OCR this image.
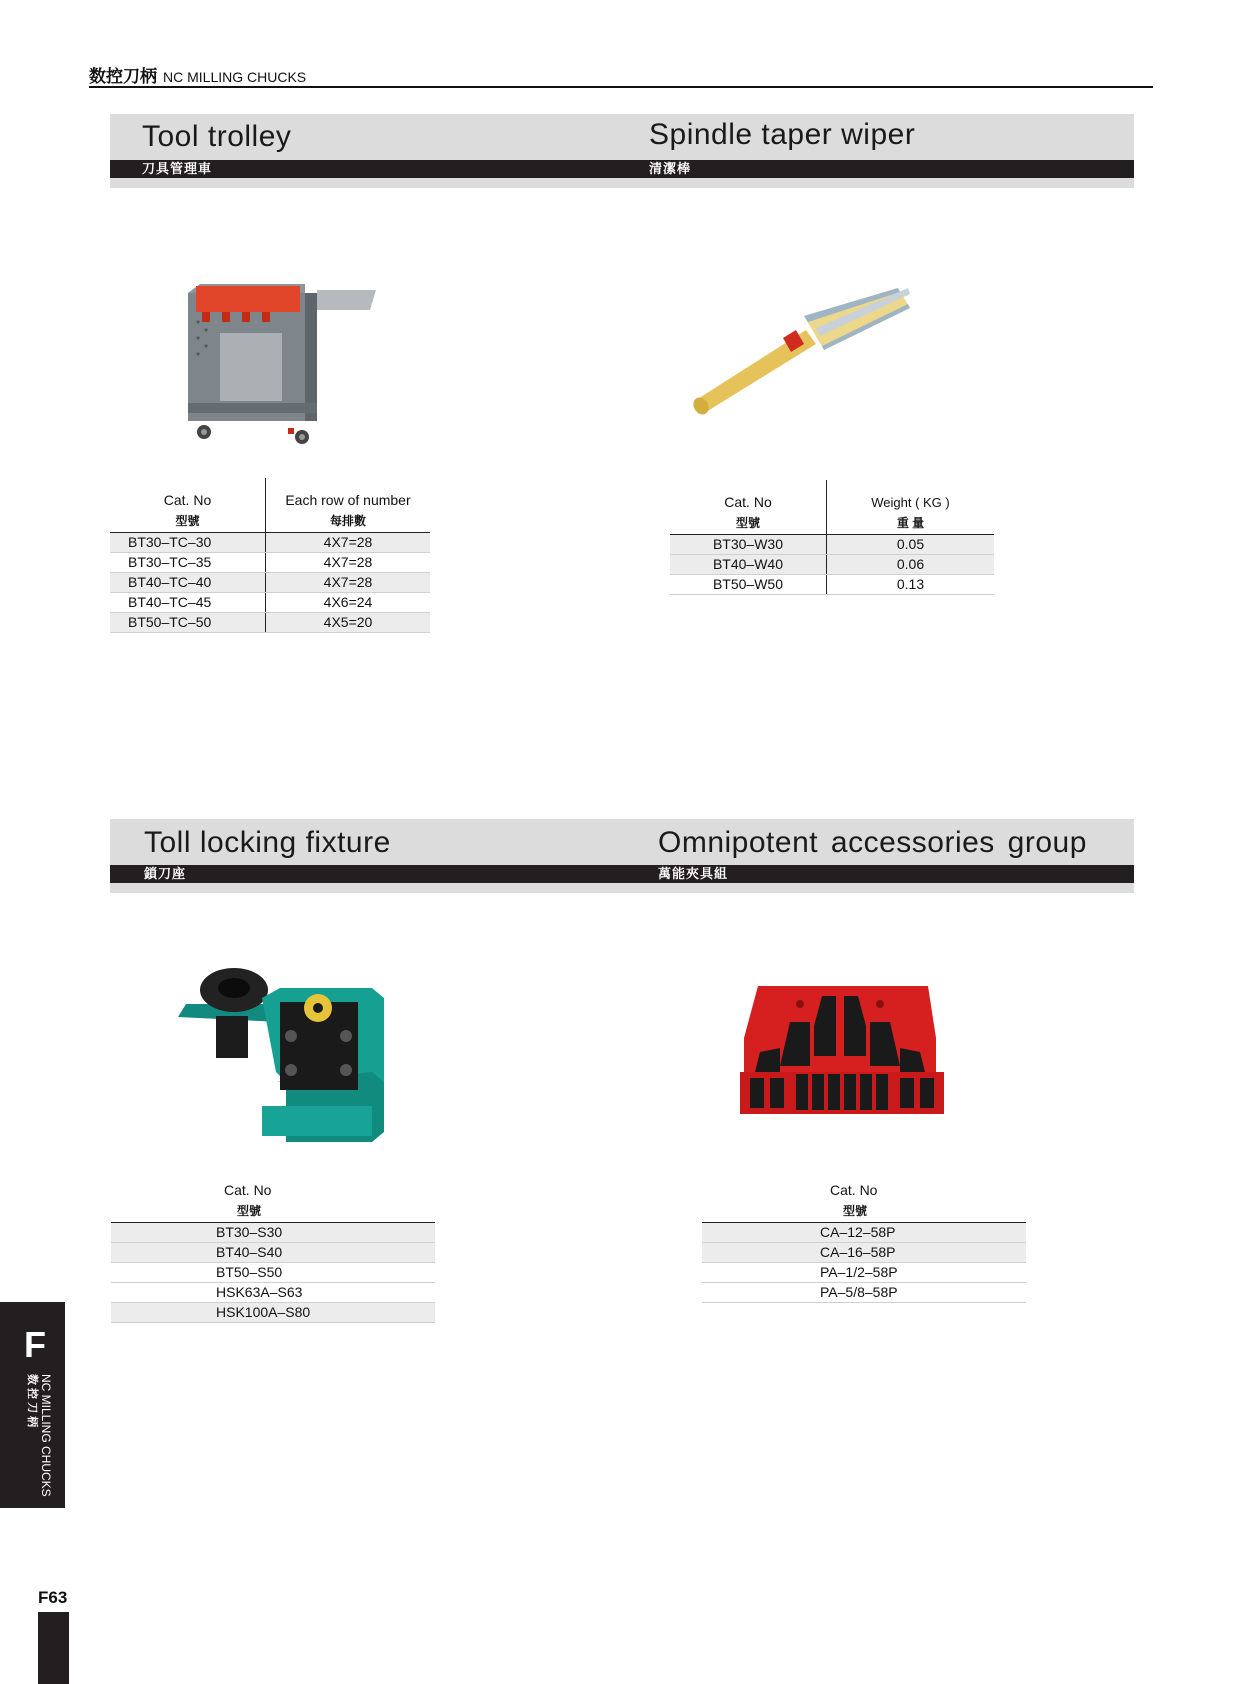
数控刀柄 NC MILLING CHUCKS
Tool trolley
刀具管理車
Spindle taper wiper
清潔棒
Cat. No	Each row of number
型號	每排數
BT30–TC–30	4X7=28
BT30–TC–35	4X7=28
BT40–TC–40	4X7=28
BT40–TC–45	4X6=24
BT50–TC–50	4X5=20
Cat. No	Weight ( KG )
型號	重 量
BT30–W30	0.05
BT40–W40	0.06
BT50–W50	0.13
Toll locking fixture
鎖刀座
Omnipotent accessories group
萬能夾具組
Cat. No
型號
BT30–S30
BT40–S40
BT50–S50
HSK63A–S63
HSK100A–S80
Cat. No
型號
CA–12–58P
CA–16–58P
PA–1/2–58P
PA–5/8–58P
F
NC MILLING CHUCKS
数 控 刀 柄
F63
